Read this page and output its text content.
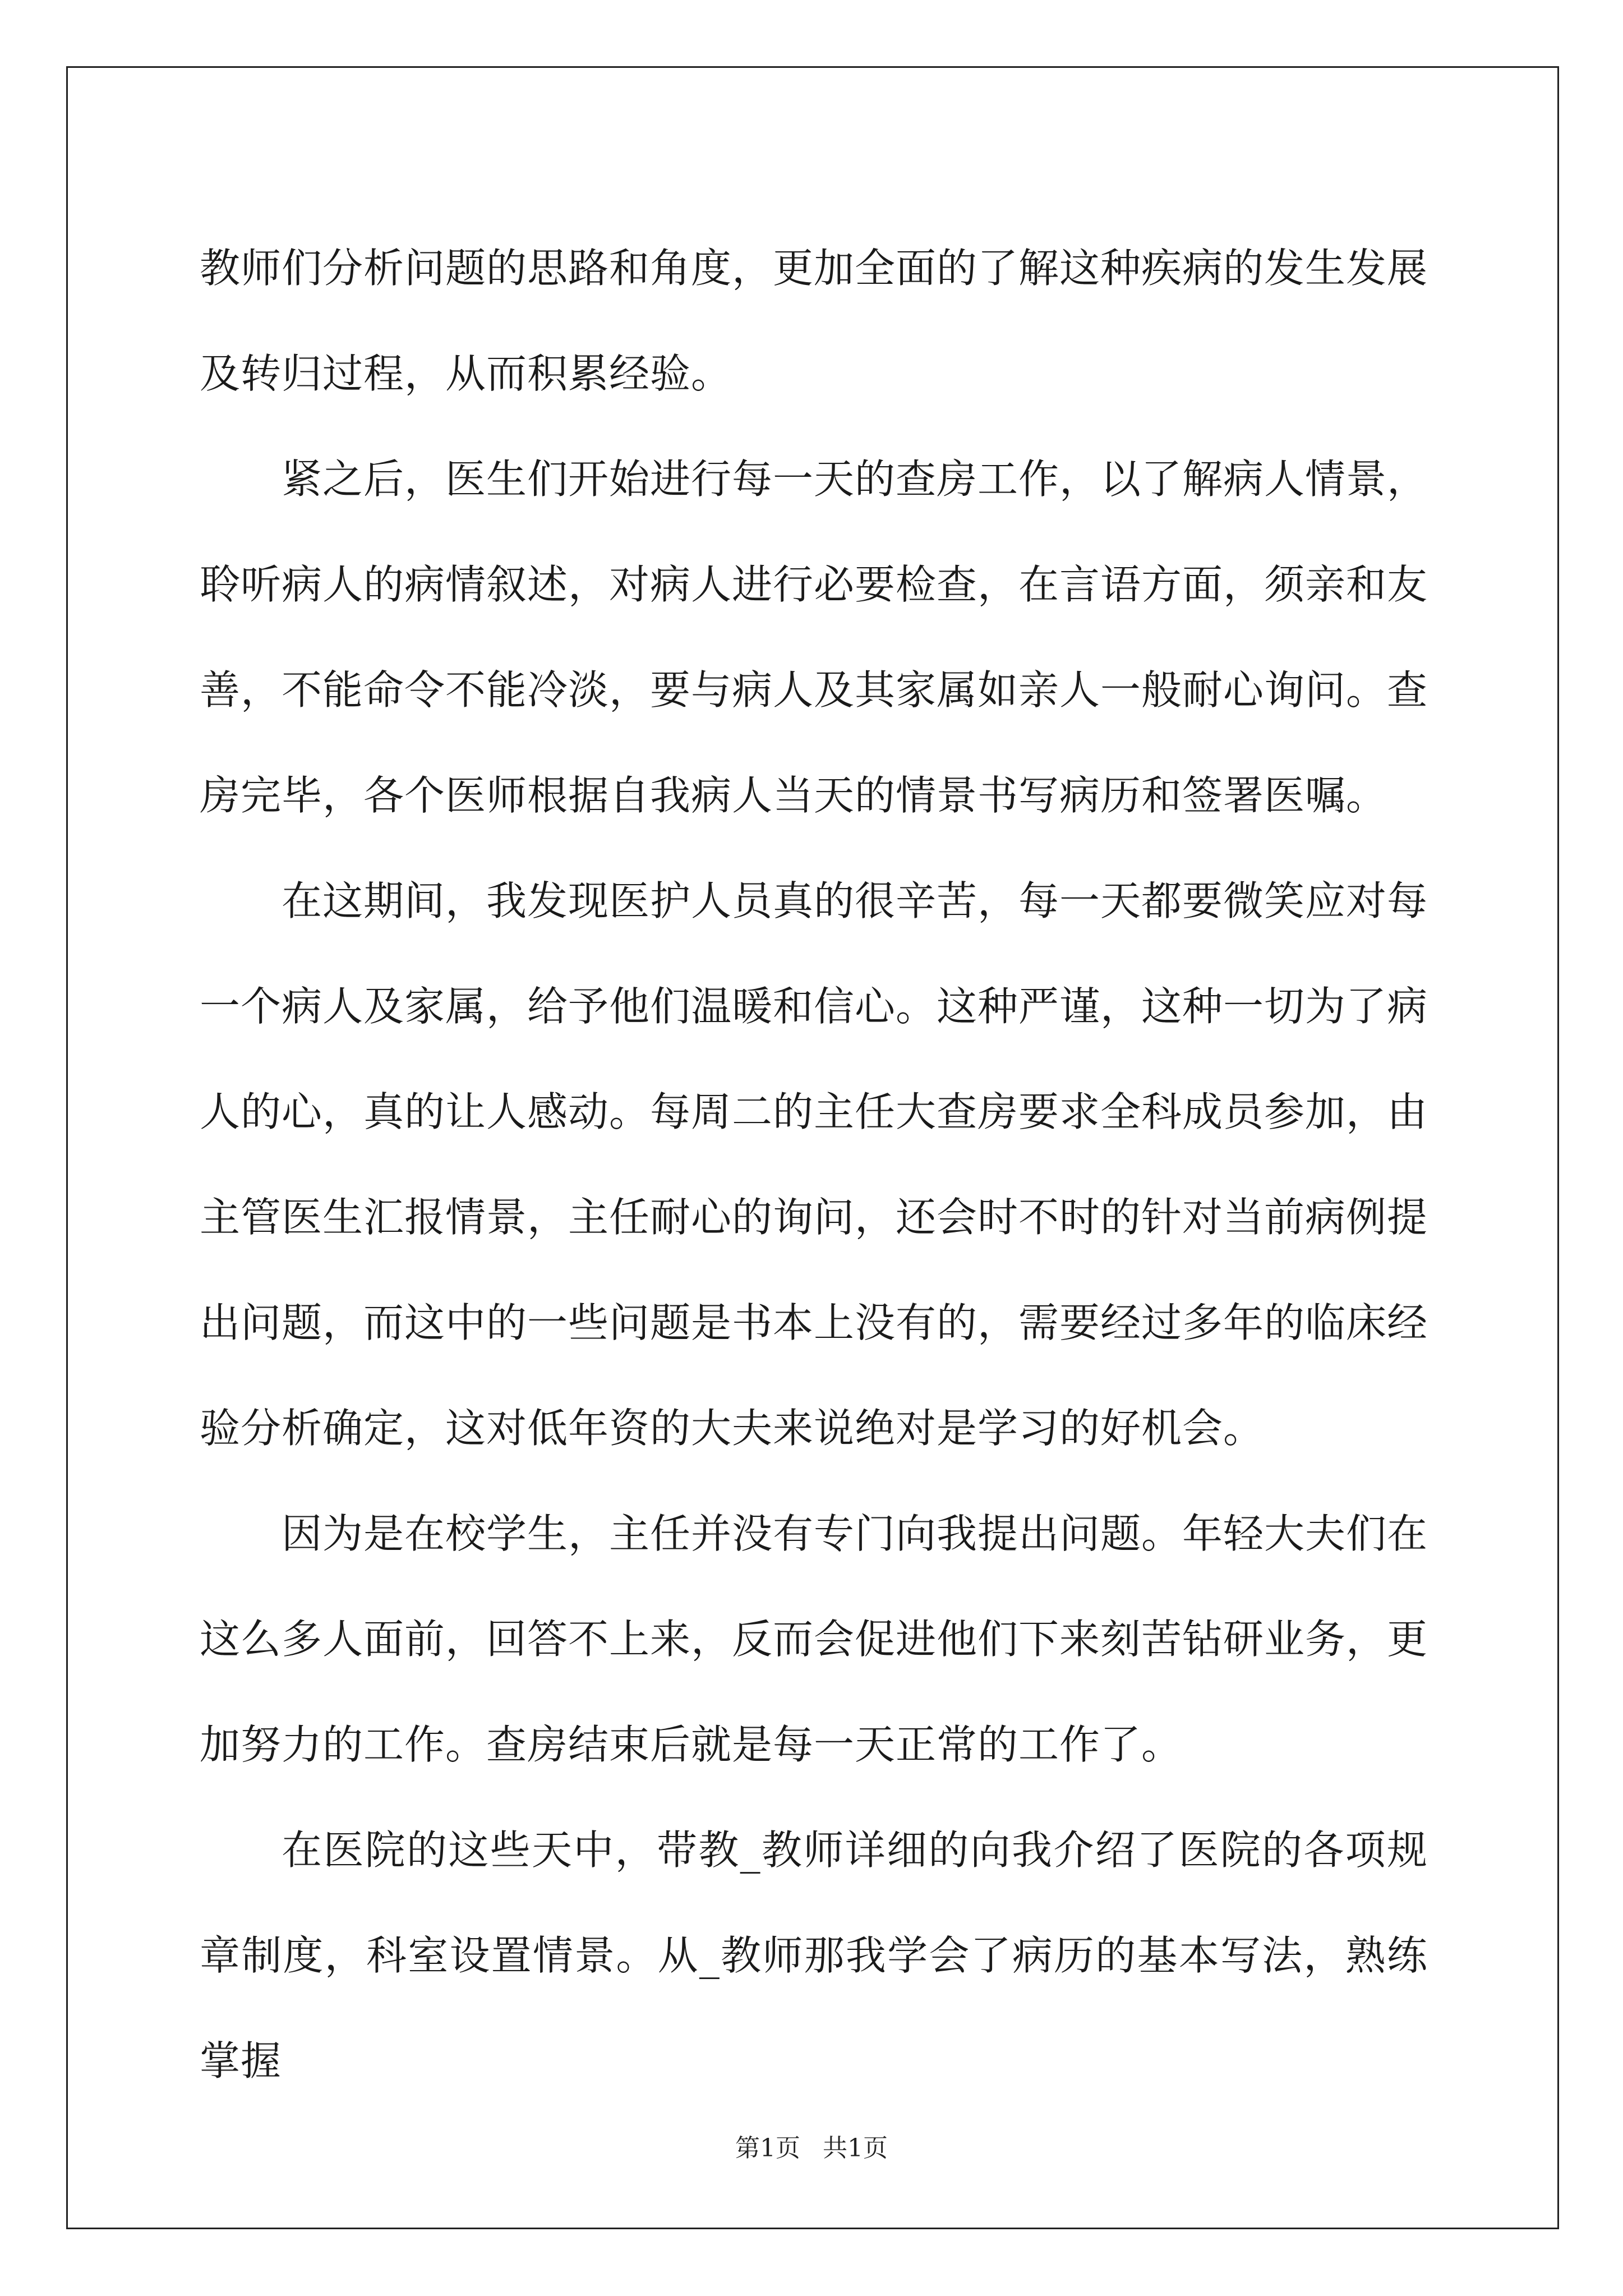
教师们分析问题的思路和角度，更加全面的了解这种疾病的发生发展及转归过程，从而积累经验。

紧之后，医生们开始进行每一天的查房工作，以了解病人情景，聆听病人的病情叙述，对病人进行必要检查，在言语方面，须亲和友善，不能命令不能冷淡，要与病人及其家属如亲人一般耐心询问。查房完毕，各个医师根据自我病人当天的情景书写病历和签署医嘱。

在这期间，我发现医护人员真的很辛苦，每一天都要微笑应对每一个病人及家属，给予他们温暖和信心。这种严谨，这种一切为了病人的心，真的让人感动。每周二的主任大查房要求全科成员参加，由主管医生汇报情景，主任耐心的询问，还会时不时的针对当前病例提出问题，而这中的一些问题是书本上没有的，需要经过多年的临床经验分析确定，这对低年资的大夫来说绝对是学习的好机会。

因为是在校学生，主任并没有专门向我提出问题。年轻大夫们在这么多人面前，回答不上来，反而会促进他们下来刻苦钻研业务，更加努力的工作。查房结束后就是每一天正常的工作了。

在医院的这些天中，带教_教师详细的向我介绍了医院的各项规章制度，科室设置情景。从_教师那我学会了病历的基本写法，熟练掌握

第1页 共1页
